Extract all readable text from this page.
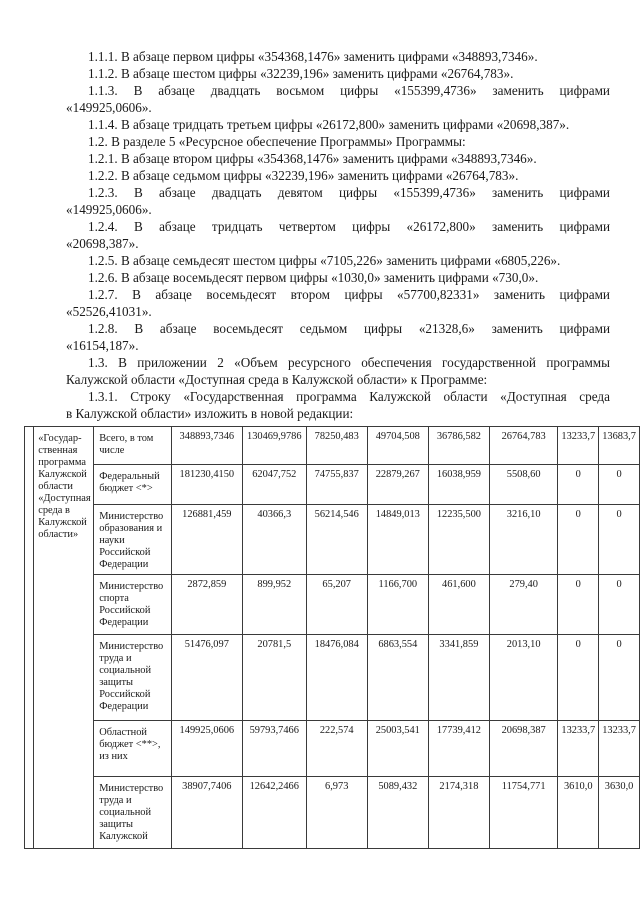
1.1.1. В абзаце первом цифры «354368,1476» заменить цифрами «348893,7346».
1.1.2. В абзаце шестом цифры «32239,196» заменить цифрами «26764,783».
1.1.3. В абзаце двадцать восьмом цифры «155399,4736» заменить цифрами
«149925,0606».
1.1.4. В абзаце тридцать третьем цифры «26172,800» заменить цифрами «20698,387».
1.2. В разделе 5 «Ресурсное обеспечение Программы» Программы:
1.2.1. В абзаце втором цифры «354368,1476» заменить цифрами «348893,7346».
1.2.2. В абзаце седьмом цифры «32239,196» заменить цифрами «26764,783».
1.2.3. В абзаце двадцать девятом цифры «155399,4736» заменить цифрами
«149925,0606».
1.2.4. В абзаце тридцать четвертом цифры «26172,800» заменить цифрами
«20698,387».
1.2.5. В абзаце семьдесят шестом цифры «7105,226» заменить цифрами «6805,226».
1.2.6. В абзаце восемьдесят первом цифры «1030,0» заменить цифрами «730,0».
1.2.7. В абзаце восемьдесят втором цифры «57700,82331» заменить цифрами
«52526,41031».
1.2.8. В абзаце восемьдесят седьмом цифры «21328,6» заменить цифрами
«16154,187».
1.3. В приложении 2 «Объем ресурсного обеспечения государственной программы
Калужской области «Доступная среда в Калужской области» к Программе:
1.3.1. Строку «Государственная программа Калужской области «Доступная среда
в Калужской области» изложить в новой редакции:
	«Государ-ственная программа Калужской области «Доступная среда в Калужской области»	Всего, в том числе	348893,7346	130469,9786	78250,483	49704,508	36786,582	26764,783	13233,7	13683,7
		Федеральный бюджет <*>	181230,4150	62047,752	74755,837	22879,267	16038,959	5508,60	0	0
		Министерство образования и науки Российской Федерации	126881,459	40366,3	56214,546	14849,013	12235,500	3216,10	0	0
		Министерство спорта Российской Федерации	2872,859	899,952	65,207	1166,700	461,600	279,40	0	0
		Министерство труда и социальной защиты Российской Федерации	51476,097	20781,5	18476,084	6863,554	3341,859	2013,10	0	0
		Областной бюджет <**>, из них	149925,0606	59793,7466	222,574	25003,541	17739,412	20698,387	13233,7	13233,7
		Министерство труда и социальной защиты Калужской	38907,7406	12642,2466	6,973	5089,432	2174,318	11754,771	3610,0	3630,0
